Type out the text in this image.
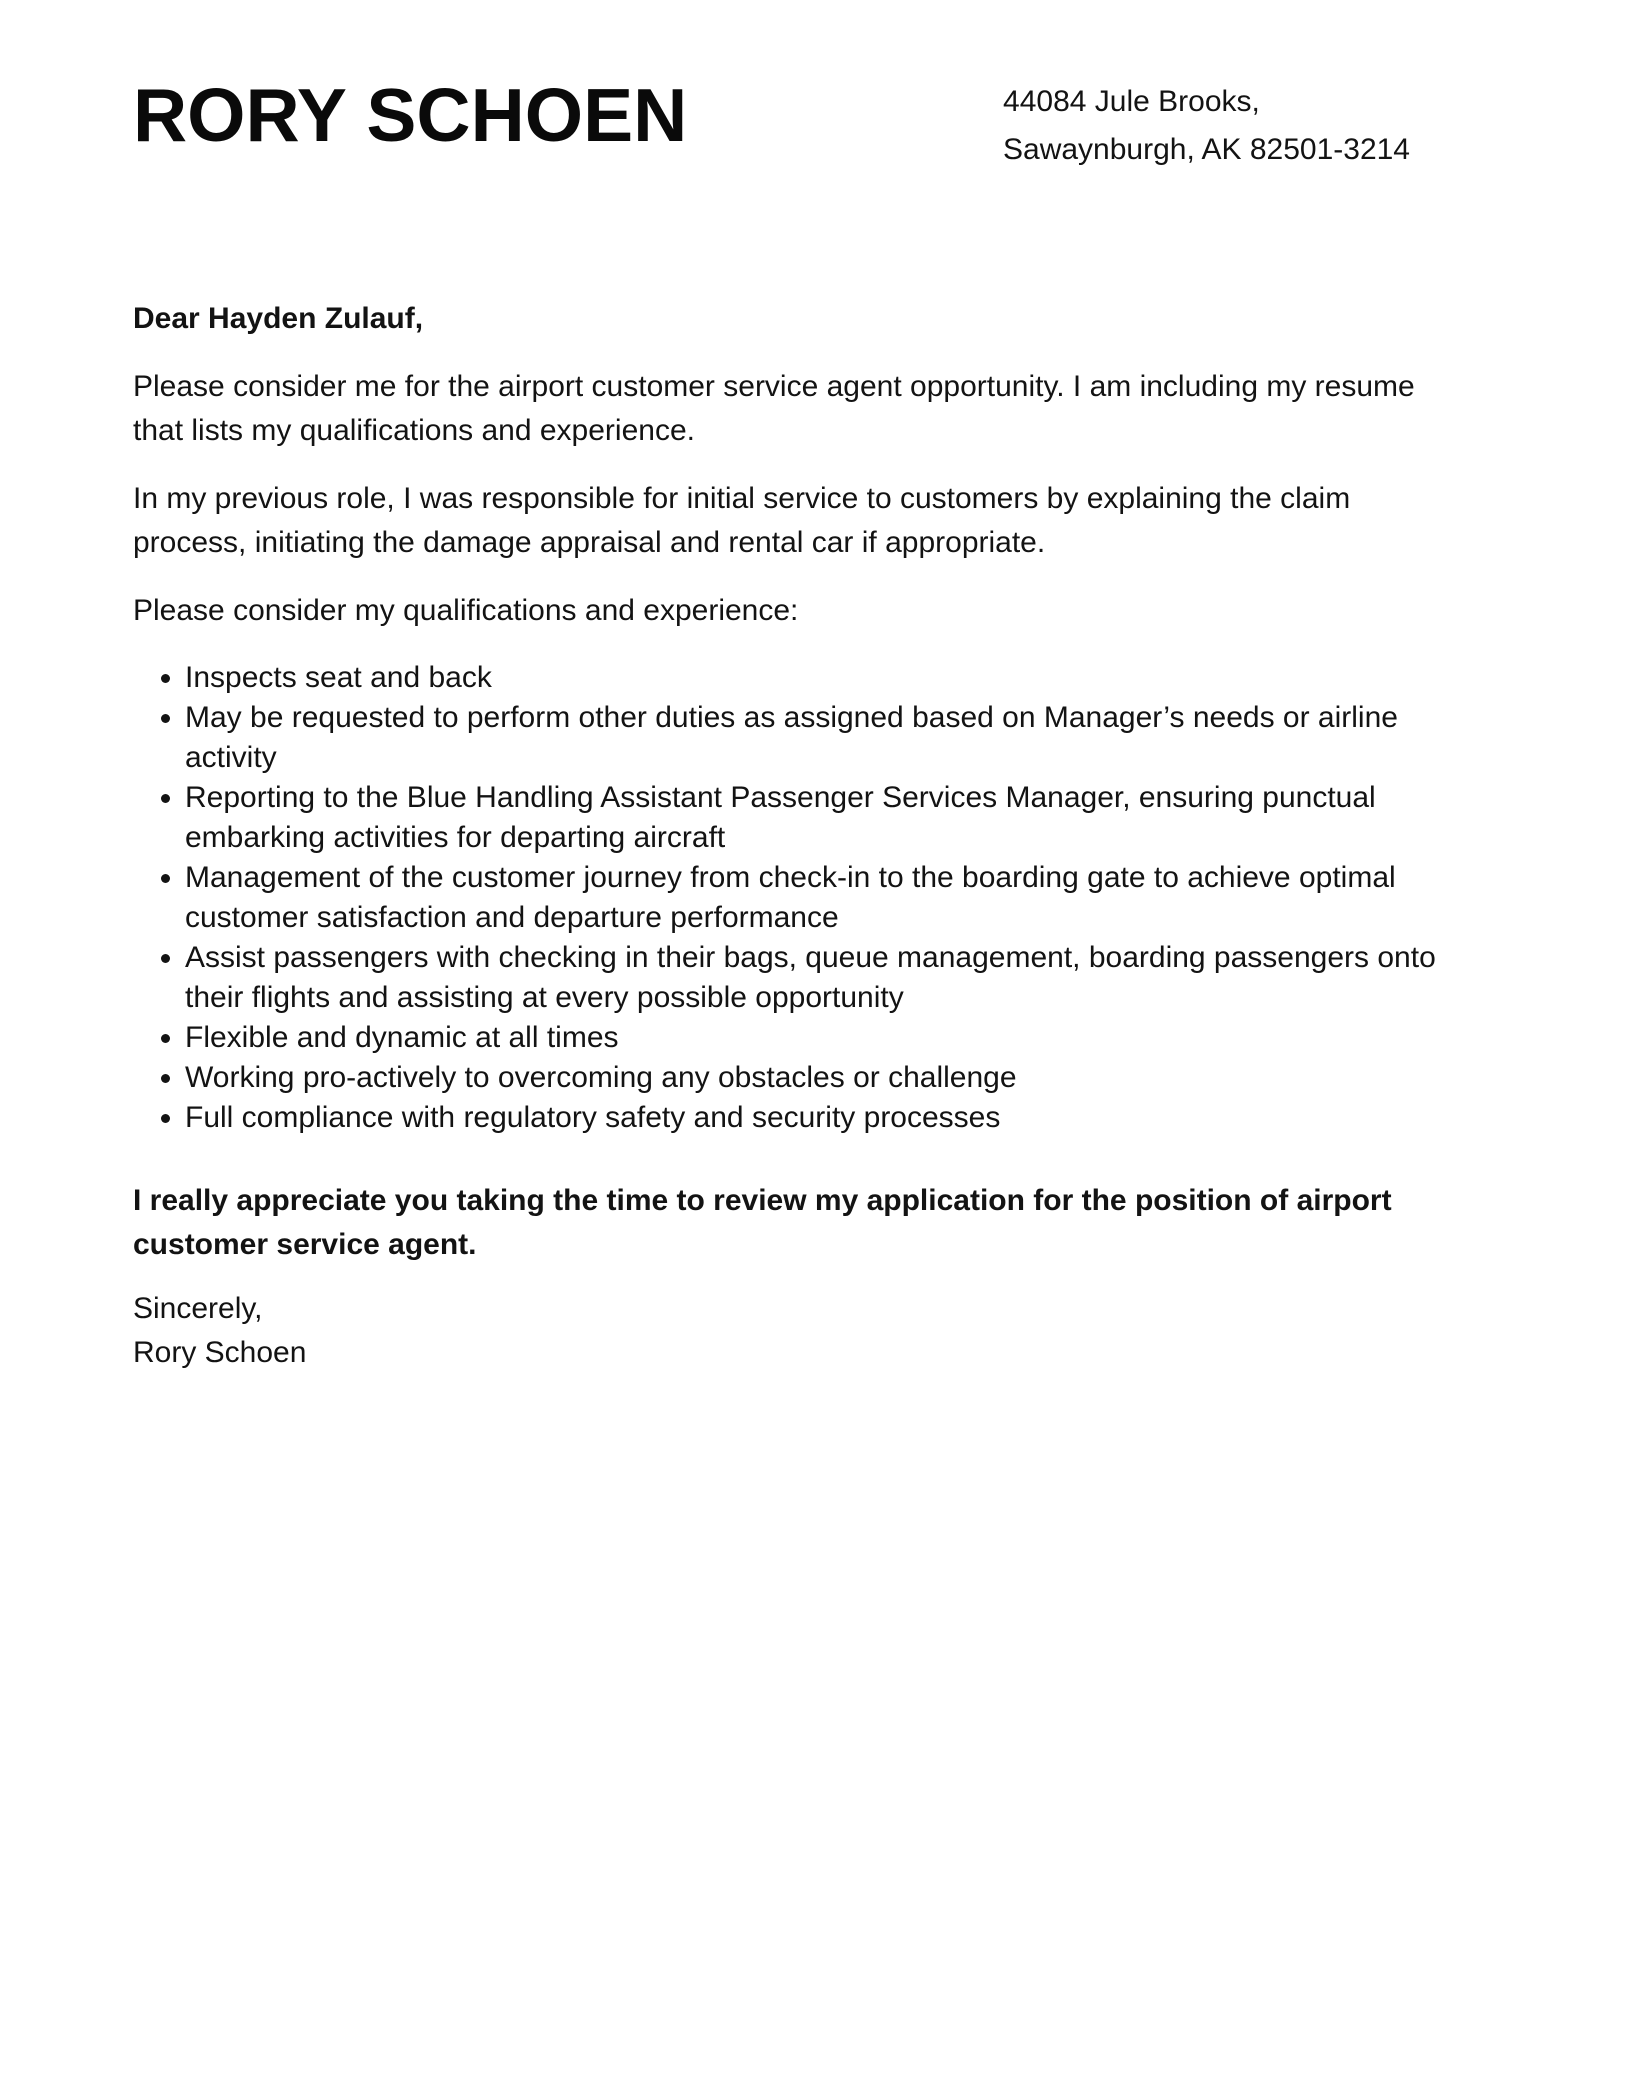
RORY SCHOEN	44084 Jule Brooks,
Sawaynburgh, AK 82501-3214

Dear Hayden Zulauf,

Please consider me for the airport customer service agent opportunity. I am including my resume that lists my qualifications and experience.

In my previous role, I was responsible for initial service to customers by explaining the claim process, initiating the damage appraisal and rental car if appropriate.

Please consider my qualifications and experience:

• Inspects seat and back
• May be requested to perform other duties as assigned based on Manager’s needs or airline activity
• Reporting to the Blue Handling Assistant Passenger Services Manager, ensuring punctual embarking activities for departing aircraft
• Management of the customer journey from check-in to the boarding gate to achieve optimal customer satisfaction and departure performance
• Assist passengers with checking in their bags, queue management, boarding passengers onto their flights and assisting at every possible opportunity
• Flexible and dynamic at all times
• Working pro-actively to overcoming any obstacles or challenge
• Full compliance with regulatory safety and security processes

I really appreciate you taking the time to review my application for the position of airport customer service agent.

Sincerely,
Rory Schoen
